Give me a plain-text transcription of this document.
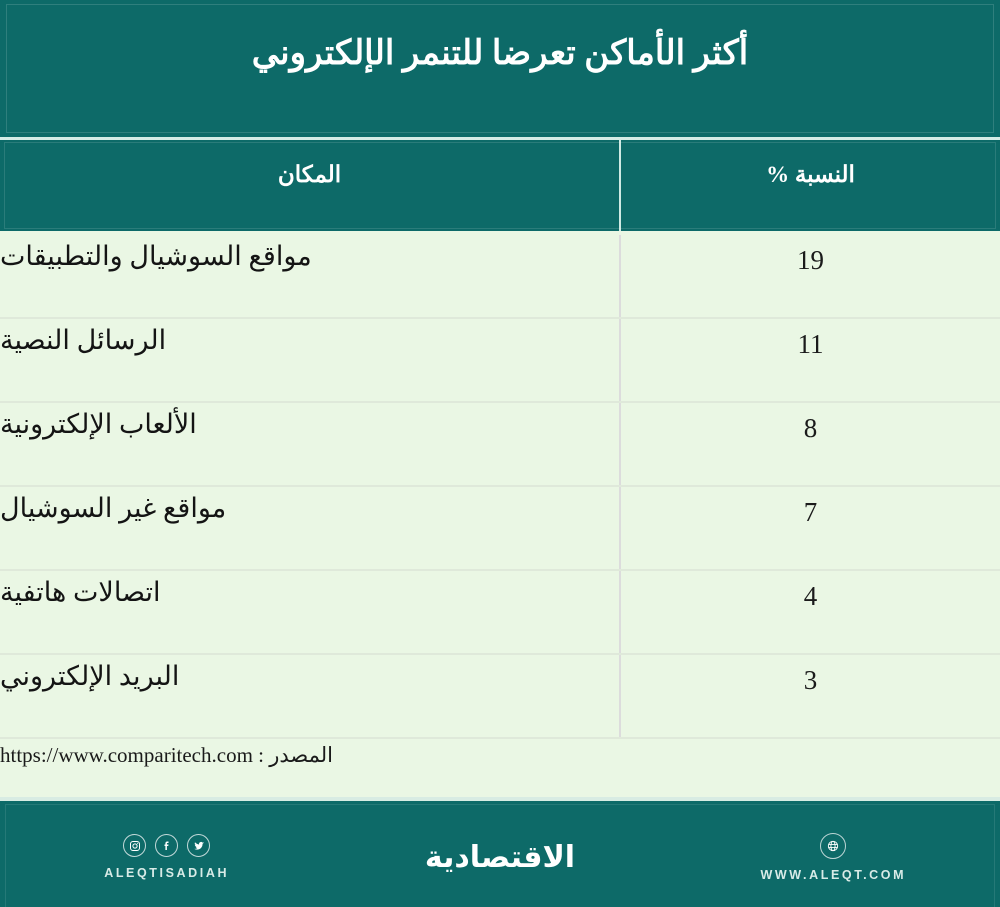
أكثر الأماكن تعرضا للتنمر الإلكتروني
النسبة %
المكان
19
مواقع السوشيال والتطبيقات
11
الرسائل النصية
8
الألعاب الإلكترونية
7
مواقع غير السوشيال
4
اتصالات هاتفية
3
البريد الإلكتروني
المصدر : https://www.comparitech.com
ALEQTISADIAH	الاقتصادية
WWW.ALEQT.COM
